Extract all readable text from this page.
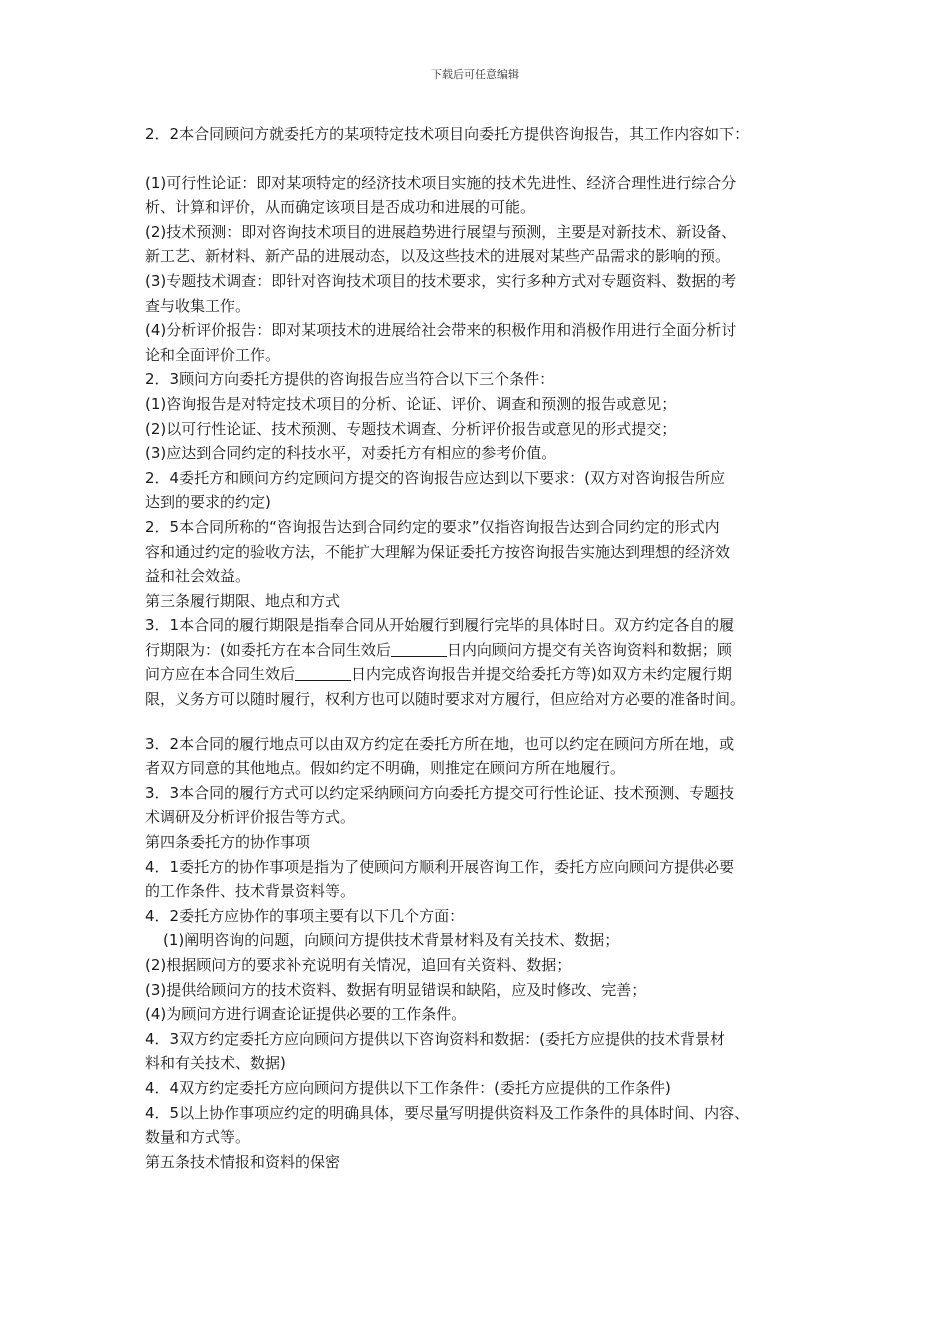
下载后可任意编辑

2．2本合同顾问方就委托方的某项特定技术项目向委托方提供咨询报告，其工作内容如下：

(1)可行性论证：即对某项特定的经济技术项目实施的技术先进性、经济合理性进行综合分

析、计算和评价，从而确定该项目是否成功和进展的可能。

(2)技术预测：即对咨询技术项目的进展趋势进行展望与预测，主要是对新技术、新设备、

新工艺、新材料、新产品的进展动态，以及这些技术的进展对某些产品需求的影响的预。

(3)专题技术调查：即针对咨询技术项目的技术要求，实行多种方式对专题资料、数据的考

查与收集工作。

(4)分析评价报告：即对某项技术的进展给社会带来的积极作用和消极作用进行全面分析讨

论和全面评价工作。

2．3顾问方向委托方提供的咨询报告应当符合以下三个条件：

(1)咨询报告是对特定技术项目的分析、论证、评价、调查和预测的报告或意见；

(2)以可行性论证、技术预测、专题技术调查、分析评价报告或意见的形式提交；

(3)应达到合同约定的科技水平，对委托方有相应的参考价值。

2．4委托方和顾问方约定顾问方提交的咨询报告应达到以下要求：(双方对咨询报告所应

达到的要求的约定)

2．5本合同所称的“咨询报告达到合同约定的要求”仅指咨询报告达到合同约定的形式内

容和通过约定的验收方法，不能扩大理解为保证委托方按咨询报告实施达到理想的经济效

益和社会效益。

第三条履行期限、地点和方式

3．1本合同的履行期限是指奉合同从开始履行到履行完毕的具体时日。双方约定各自的履

行期限为：(如委托方在本合同生效后	日内向顾问方提交有关咨询资料和数据；顾

问方应在本合同生效后	日内完成咨询报告并提交给委托方等)如双方未约定履行期

限，义务方可以随时履行，权利方也可以随时要求对方履行，但应给对方必要的准备时间。

3．2本合同的履行地点可以由双方约定在委托方所在地，也可以约定在顾问方所在地，或

者双方同意的其他地点。假如约定不明确，则推定在顾问方所在地履行。

3．3本合同的履行方式可以约定采纳顾问方向委托方提交可行性论证、技术预测、专题技

术调研及分析评价报告等方式。

第四条委托方的协作事项

4．1委托方的协作事项是指为了使顾问方顺利开展咨询工作，委托方应向顾问方提供必要

的工作条件、技术背景资料等。

4．2委托方应协作的事项主要有以下几个方面：

(1)阐明咨询的问题，向顾问方提供技术背景材料及有关技术、数据；

(2)根据顾问方的要求补充说明有关情况，追回有关资料、数据；

(3)提供给顾问方的技术资料、数据有明显错误和缺陷，应及时修改、完善；

(4)为顾问方进行调查论证提供必要的工作条件。

4．3双方约定委托方应向顾问方提供以下咨询资料和数据：(委托方应提供的技术背景材

料和有关技术、数据)

4．4双方约定委托方应向顾问方提供以下工作条件：(委托方应提供的工作条件)

4．5以上协作事项应约定的明确具体，要尽量写明提供资料及工作条件的具体时间、内容、

数量和方式等。

第五条技术情报和资料的保密
